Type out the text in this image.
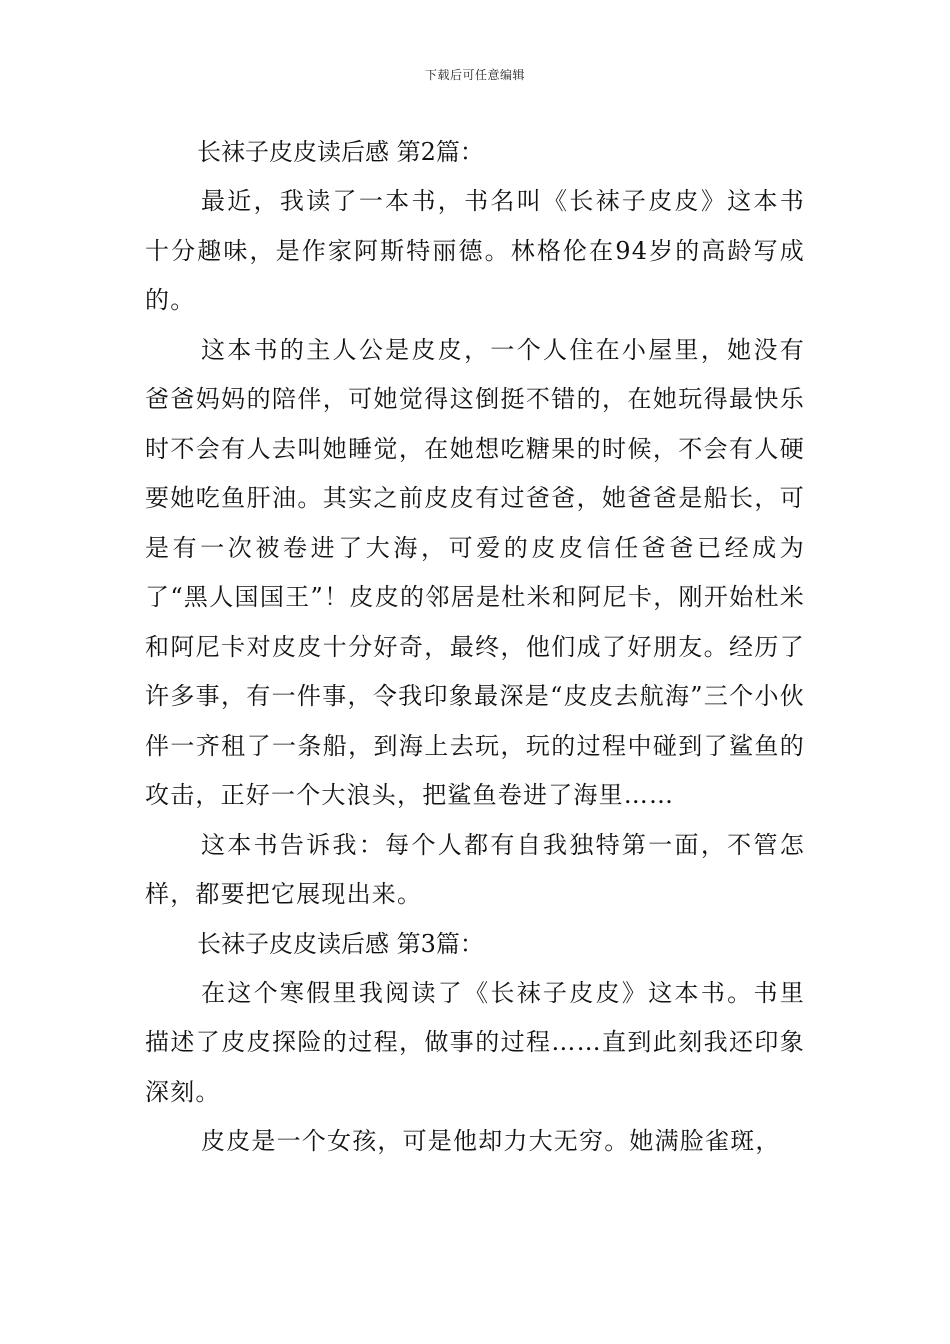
下载后可任意编辑

长袜子皮皮读后感 第2篇：

最近，我读了一本书，书名叫《长袜子皮皮》这本书十分趣味，是作家阿斯特丽德。林格伦在94岁的高龄写成的。

这本书的主人公是皮皮，一个人住在小屋里，她没有爸爸妈妈的陪伴，可她觉得这倒挺不错的，在她玩得最快乐时不会有人去叫她睡觉，在她想吃糖果的时候，不会有人硬要她吃鱼肝油。其实之前皮皮有过爸爸，她爸爸是船长，可是有一次被卷进了大海，可爱的皮皮信任爸爸已经成为了“黑人国国王”！皮皮的邻居是杜米和阿尼卡，刚开始杜米和阿尼卡对皮皮十分好奇，最终，他们成了好朋友。经历了许多事，有一件事，令我印象最深是“皮皮去航海”三个小伙伴一齐租了一条船，到海上去玩，玩的过程中碰到了鲨鱼的攻击，正好一个大浪头，把鲨鱼卷进了海里……

这本书告诉我：每个人都有自我独特第一面，不管怎样，都要把它展现出来。

长袜子皮皮读后感 第3篇：

在这个寒假里我阅读了《长袜子皮皮》这本书。书里描述了皮皮探险的过程，做事的过程……直到此刻我还印象深刻。

皮皮是一个女孩，可是他却力大无穷。她满脸雀斑，
